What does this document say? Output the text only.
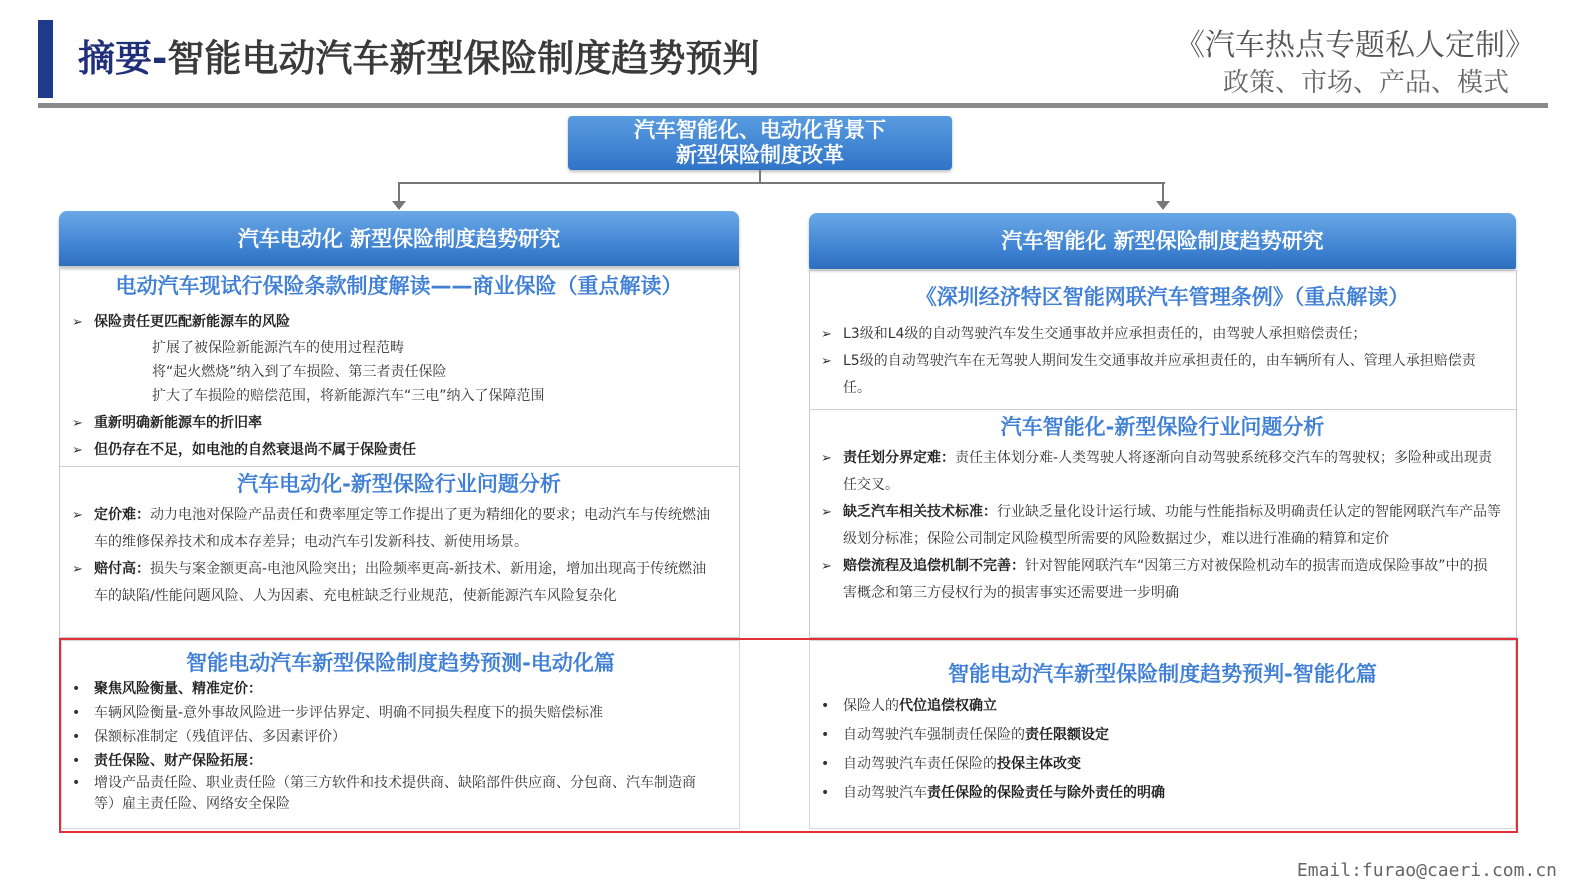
摘要-智能电动汽车新型保险制度趋势预判	《汽车热点专题私人定制》
政策、市场、产品、模式
汽车智能化、电动化背景下
新型保险制度改革
汽车电动化 新型保险制度趋势研究
电动汽车现试行保险条款制度解读——商业保险（重点解读）
➢ 保险责任更匹配新能源车的风险
扩展了被保险新能源汽车的使用过程范畴
将“起火燃烧”纳入到了车损险、第三者责任保险
扩大了车损险的赔偿范围，将新能源汽车“三电”纳入了保障范围
➢ 重新明确新能源车的折旧率
➢ 但仍存在不足，如电池的自然衰退尚不属于保险责任
汽车电动化-新型保险行业问题分析
➢ 定价难：动力电池对保险产品责任和费率厘定等工作提出了更为精细化的要求；电动汽车与传统燃油车的维修保养技术和成本存差异；电动汽车引发新科技、新使用场景。
➢ 赔付高：损失与案金额更高-电池风险突出；出险频率更高-新技术、新用途，增加出现高于传统燃油车的缺陷/性能问题风险、人为因素、充电桩缺乏行业规范，使新能源汽车风险复杂化
汽车智能化 新型保险制度趋势研究
《深圳经济特区智能网联汽车管理条例》（重点解读）
➢ L3级和L4级的自动驾驶汽车发生交通事故并应承担责任的，由驾驶人承担赔偿责任；
➢ L5级的自动驾驶汽车在无驾驶人期间发生交通事故并应承担责任的，由车辆所有人、管理人承担赔偿责任。
汽车智能化-新型保险行业问题分析
➢ 责任划分界定难：责任主体划分难-人类驾驶人将逐渐向自动驾驶系统移交汽车的驾驶权；多险种或出现责任交叉。
➢ 缺乏汽车相关技术标准：行业缺乏量化设计运行域、功能与性能指标及明确责任认定的智能网联汽车产品等级划分标准；保险公司制定风险模型所需要的风险数据过少，难以进行准确的精算和定价
➢ 赔偿流程及追偿机制不完善：针对智能网联汽车“因第三方对被保险机动车的损害而造成保险事故”中的损害概念和第三方侵权行为的损害事实还需要进一步明确
智能电动汽车新型保险制度趋势预测-电动化篇
• 聚焦风险衡量、精准定价：
• 车辆风险衡量-意外事故风险进一步评估界定、明确不同损失程度下的损失赔偿标准
• 保额标准制定（残值评估、多因素评价）
• 责任保险、财产保险拓展：
• 增设产品责任险、职业责任险（第三方软件和技术提供商、缺陷部件供应商、分包商、汽车制造商等）雇主责任险、网络安全保险
智能电动汽车新型保险制度趋势预判-智能化篇
• 保险人的代位追偿权确立
• 自动驾驶汽车强制责任保险的责任限额设定
• 自动驾驶汽车责任保险的投保主体改变
• 自动驾驶汽车责任保险的保险责任与除外责任的明确
Email:furao@caeri.com.cn
